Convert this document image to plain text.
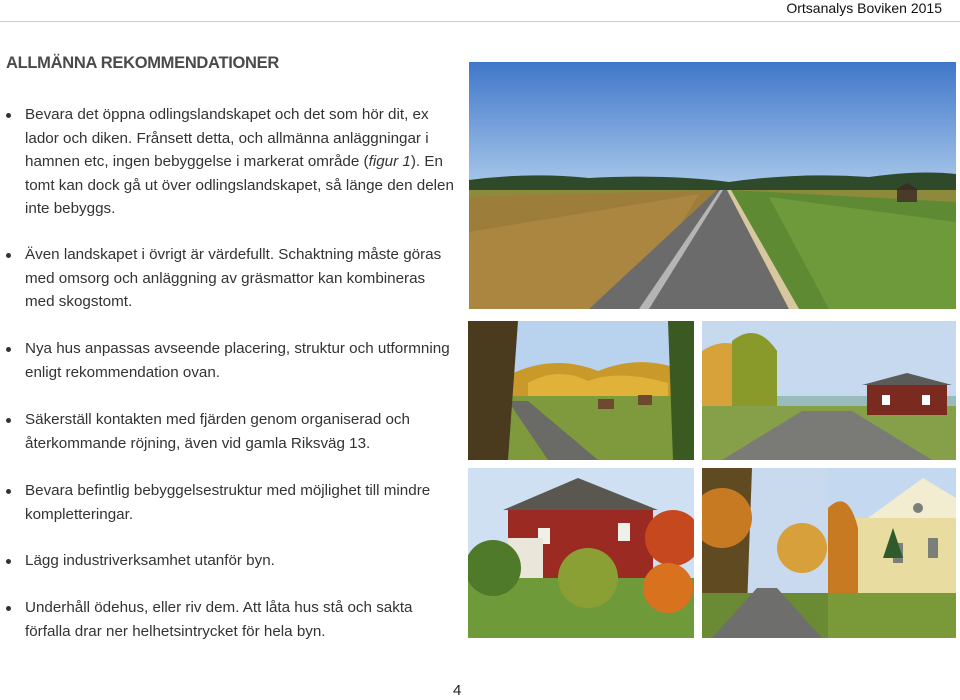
Ortsanalys Boviken 2015
ALLMÄNNA REKOMMENDATIONER
Bevara det öppna odlingslandskapet och det som hör dit, ex lador och diken. Frånsett detta, och allmänna anläggningar i hamnen etc, ingen bebyggelse i markerat område (figur 1). En tomt kan dock gå ut över odlingslandskapet, så länge den delen inte bebyggs.
Även landskapet i övrigt är värdefullt. Schaktning måste göras med omsorg och anläggning av gräsmattor kan kombineras med skogstomt.
Nya hus anpassas avseende placering, struktur och utformning enligt rekommendation ovan.
Säkerställ kontakten med fjärden genom organiserad och återkommande röjning, även vid gamla Riksväg 13.
Bevara befintlig bebyggelsestruktur med möjlighet till mindre kompletteringar.
Lägg industriverksamhet utanför byn.
Underhåll ödehus, eller riv dem. Att låta hus stå och sakta förfalla drar ner helhetsintrycket för hela byn.
4
